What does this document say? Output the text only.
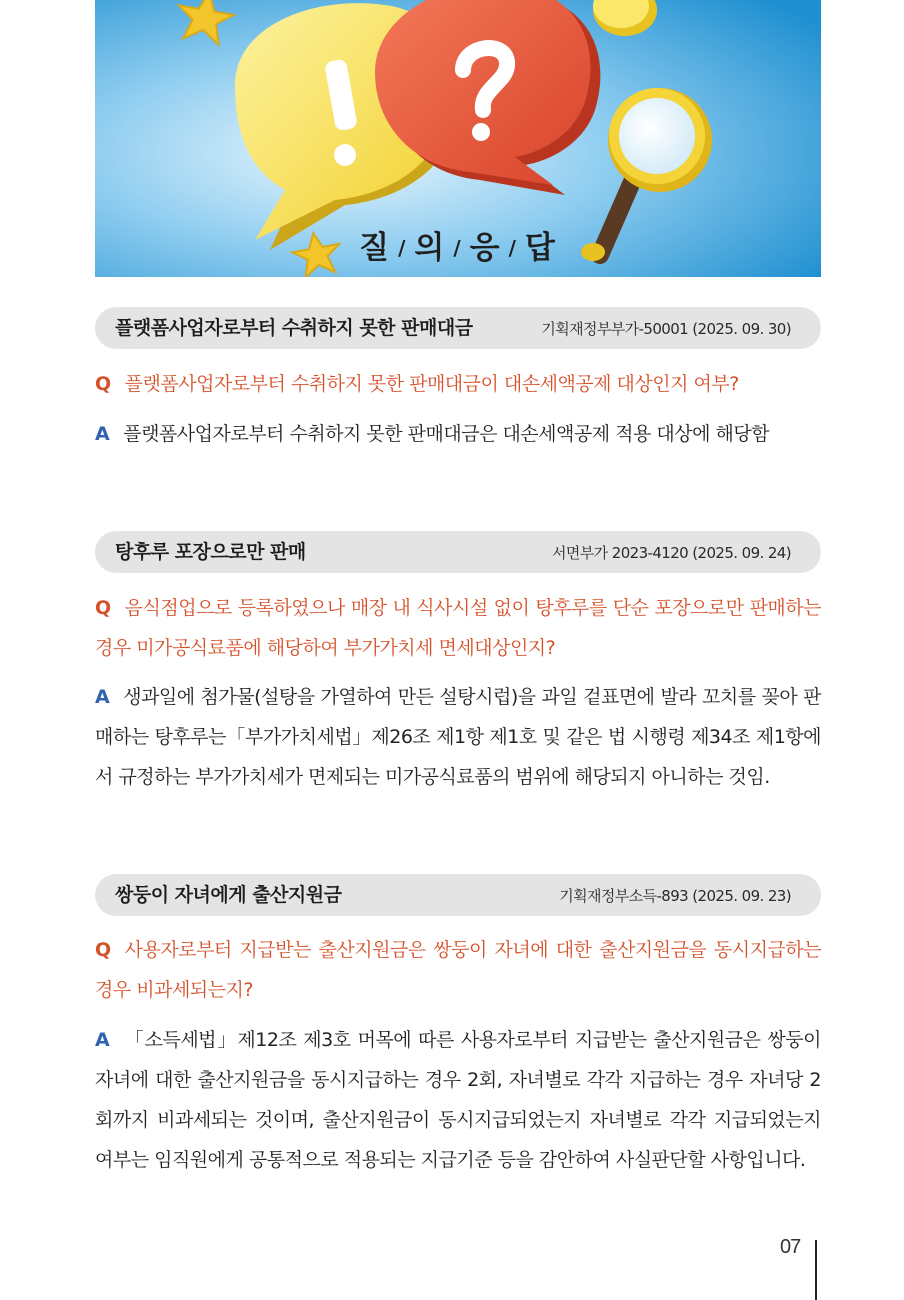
질 / 의 / 응 / 답
플랫폼사업자로부터 수취하지 못한 판매대금	기획재정부부가-50001 (2025. 09. 30)

Q 플랫폼사업자로부터 수취하지 못한 판매대금이 대손세액공제 대상인지 여부?

A 플랫폼사업자로부터 수취하지 못한 판매대금은 대손세액공제 적용 대상에 해당함

탕후루 포장으로만 판매	서면부가 2023-4120 (2025. 09. 24)

Q 음식점업으로 등록하였으나 매장 내 식사시설 없이 탕후루를 단순 포장으로만 판매하는 경우 미가공식료품에 해당하여 부가가치세 면세대상인지?

A 생과일에 첨가물(설탕을 가열하여 만든 설탕시럽)을 과일 겉표면에 발라 꼬치를 꽂아 판매하는 탕후루는「부가가치세법」제26조 제1항 제1호 및 같은 법 시행령 제34조 제1항에서 규정하는 부가가치세가 면제되는 미가공식료품의 범위에 해당되지 아니하는 것임.

쌍둥이 자녀에게 출산지원금	기획재정부소득-893 (2025. 09. 23)

Q 사용자로부터 지급받는 출산지원금은 쌍둥이 자녀에 대한 출산지원금을 동시지급하는 경우 비과세되는지?

A 「소득세법」제12조 제3호 머목에 따른 사용자로부터 지급받는 출산지원금은 쌍둥이 자녀에 대한 출산지원금을 동시지급하는 경우 2회, 자녀별로 각각 지급하는 경우 자녀당 2회까지 비과세되는 것이며, 출산지원금이 동시지급되었는지 자녀별로 각각 지급되었는지 여부는 임직원에게 공통적으로 적용되는 지급기준 등을 감안하여 사실판단할 사항입니다.

07
